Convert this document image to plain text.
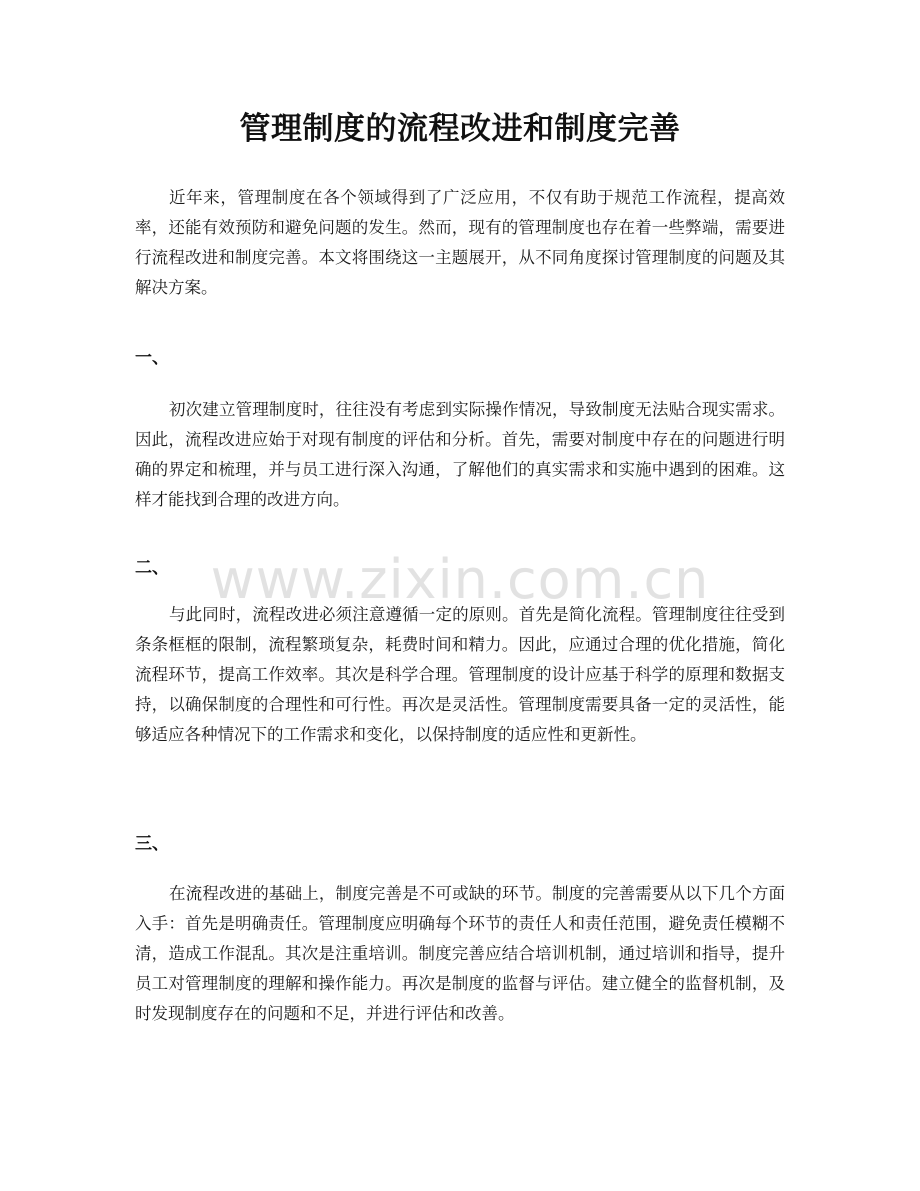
管理制度的流程改进和制度完善

近年来，管理制度在各个领域得到了广泛应用，不仅有助于规范工作流程，提高效率，还能有效预防和避免问题的发生。然而，现有的管理制度也存在着一些弊端，需要进行流程改进和制度完善。本文将围绕这一主题展开，从不同角度探讨管理制度的问题及其解决方案。

一、

初次建立管理制度时，往往没有考虑到实际操作情况，导致制度无法贴合现实需求。因此，流程改进应始于对现有制度的评估和分析。首先，需要对制度中存在的问题进行明确的界定和梳理，并与员工进行深入沟通，了解他们的真实需求和实施中遇到的困难。这样才能找到合理的改进方向。

二、

与此同时，流程改进必须注意遵循一定的原则。首先是简化流程。管理制度往往受到条条框框的限制，流程繁琐复杂，耗费时间和精力。因此，应通过合理的优化措施，简化流程环节，提高工作效率。其次是科学合理。管理制度的设计应基于科学的原理和数据支持，以确保制度的合理性和可行性。再次是灵活性。管理制度需要具备一定的灵活性，能够适应各种情况下的工作需求和变化，以保持制度的适应性和更新性。

三、

在流程改进的基础上，制度完善是不可或缺的环节。制度的完善需要从以下几个方面入手：首先是明确责任。管理制度应明确每个环节的责任人和责任范围，避免责任模糊不清，造成工作混乱。其次是注重培训。制度完善应结合培训机制，通过培训和指导，提升员工对管理制度的理解和操作能力。再次是制度的监督与评估。建立健全的监督机制，及时发现制度存在的问题和不足，并进行评估和改善。

www.zixin.com.cn
